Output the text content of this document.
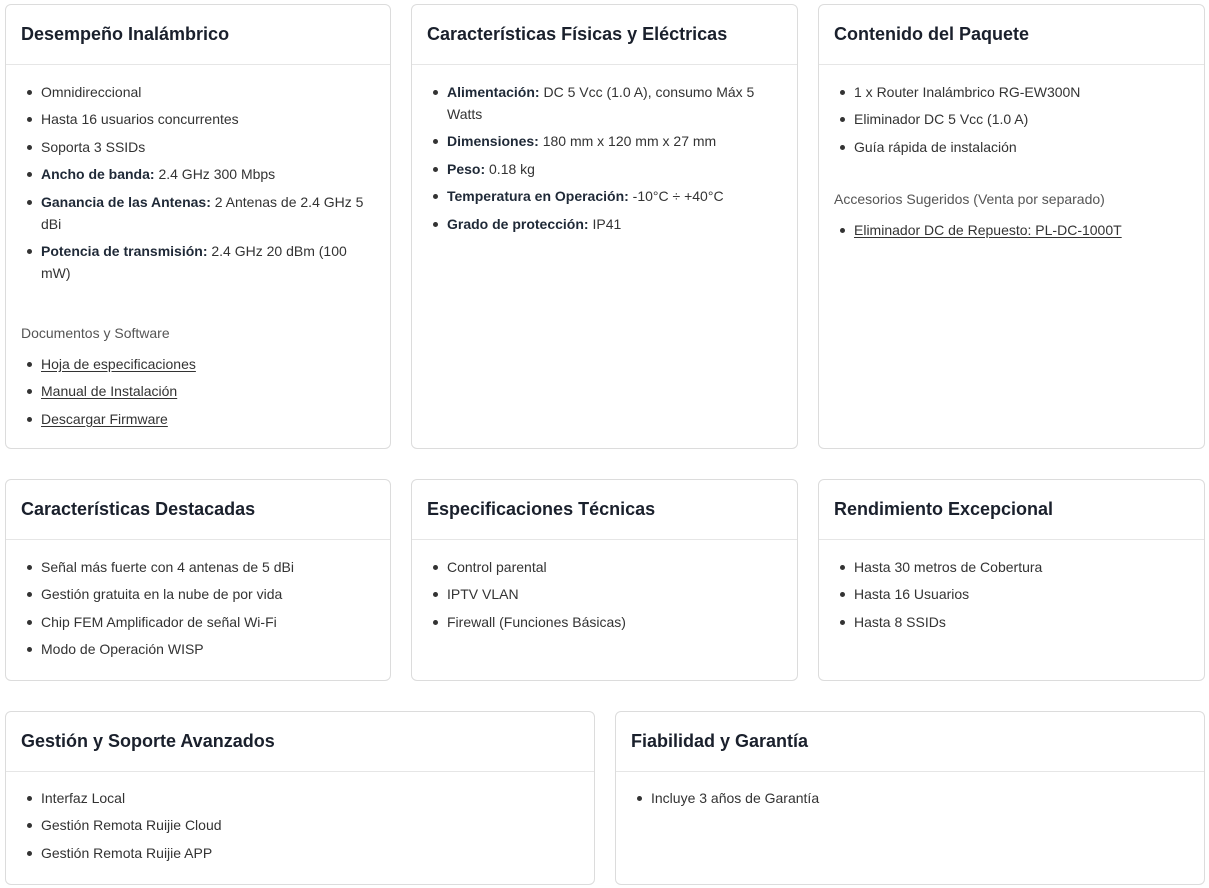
Desempeño Inalámbrico
Omnidireccional
Hasta 16 usuarios concurrentes
Soporta 3 SSIDs
Ancho de banda: 2.4 GHz 300 Mbps
Ganancia de las Antenas: 2 Antenas de 2.4 GHz 5 dBi
Potencia de transmisión: 2.4 GHz 20 dBm (100 mW)
Documentos y Software
Hoja de especificaciones
Manual de Instalación
Descargar Firmware
Características Físicas y Eléctricas
Alimentación: DC 5 Vcc (1.0 A), consumo Máx 5 Watts
Dimensiones: 180 mm x 120 mm x 27 mm
Peso: 0.18 kg
Temperatura en Operación: -10°C ÷ +40°C
Grado de protección: IP41
Contenido del Paquete
1 x Router Inalámbrico RG-EW300N
Eliminador DC 5 Vcc (1.0 A)
Guía rápida de instalación
Accesorios Sugeridos (Venta por separado)
Eliminador DC de Repuesto: PL-DC-1000T
Características Destacadas
Señal más fuerte con 4 antenas de 5 dBi
Gestión gratuita en la nube de por vida
Chip FEM Amplificador de señal Wi-Fi
Modo de Operación WISP
Especificaciones Técnicas
Control parental
IPTV VLAN
Firewall (Funciones Básicas)
Rendimiento Excepcional
Hasta 30 metros de Cobertura
Hasta 16 Usuarios
Hasta 8 SSIDs
Gestión y Soporte Avanzados
Interfaz Local
Gestión Remota Ruijie Cloud
Gestión Remota Ruijie APP
Fiabilidad y Garantía
Incluye 3 años de Garantía
